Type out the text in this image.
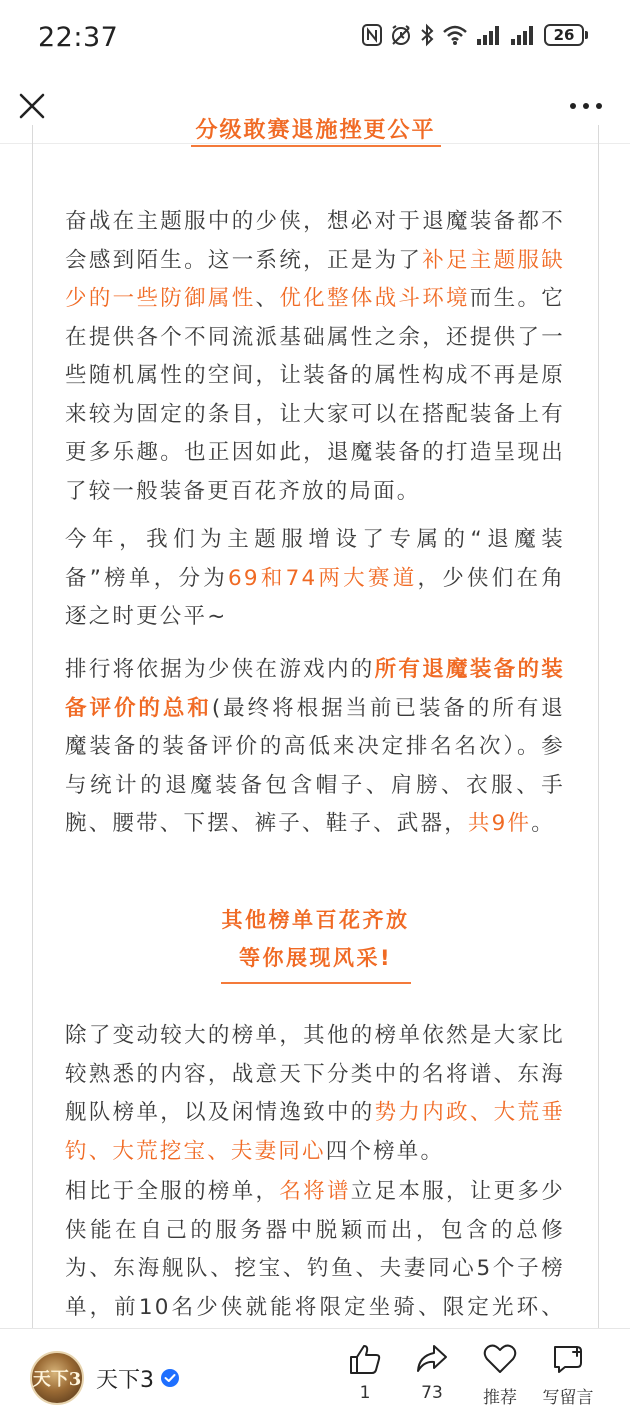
22:37	26
分级敢赛退施挫更公平

奋战在主题服中的少侠，想必对于退魔装备都不会感到陌生。这一系统，正是为了补足主题服缺少的一些防御属性、优化整体战斗环境而生。它在提供各个不同流派基础属性之余，还提供了一些随机属性的空间，让装备的属性构成不再是原来较为固定的条目，让大家可以在搭配装备上有更多乐趣。也正因如此，退魔装备的打造呈现出了较一般装备更百花齐放的局面。

今年，我们为主题服增设了专属的“退魔装备”榜单，分为69和74两大赛道，少侠们在角逐之时更公平~

排行将依据为少侠在游戏内的所有退魔装备的装备评价的总和(最终将根据当前已装备的所有退魔装备的装备评价的高低来决定排名名次）。参与统计的退魔装备包含帽子、肩膀、衣服、手腕、腰带、下摆、裤子、鞋子、武器，共9件。

其他榜单百花齐放
等你展现风采!

除了变动较大的榜单，其他的榜单依然是大家比较熟悉的内容，战意天下分类中的名将谱、东海舰队榜单，以及闲情逸致中的势力内政、大荒垂钓、大荒挖宝、夫妻同心四个榜单。

相比于全服的榜单，名将谱立足本服，让更多少侠能在自己的服务器中脱颖而出，包含的总修为、东海舰队、挖宝、钓鱼、夫妻同心5个子榜单，前10名少侠就能将限定坐骑、限定光环、

天下3 天下3
1	73	推荐	写留言
